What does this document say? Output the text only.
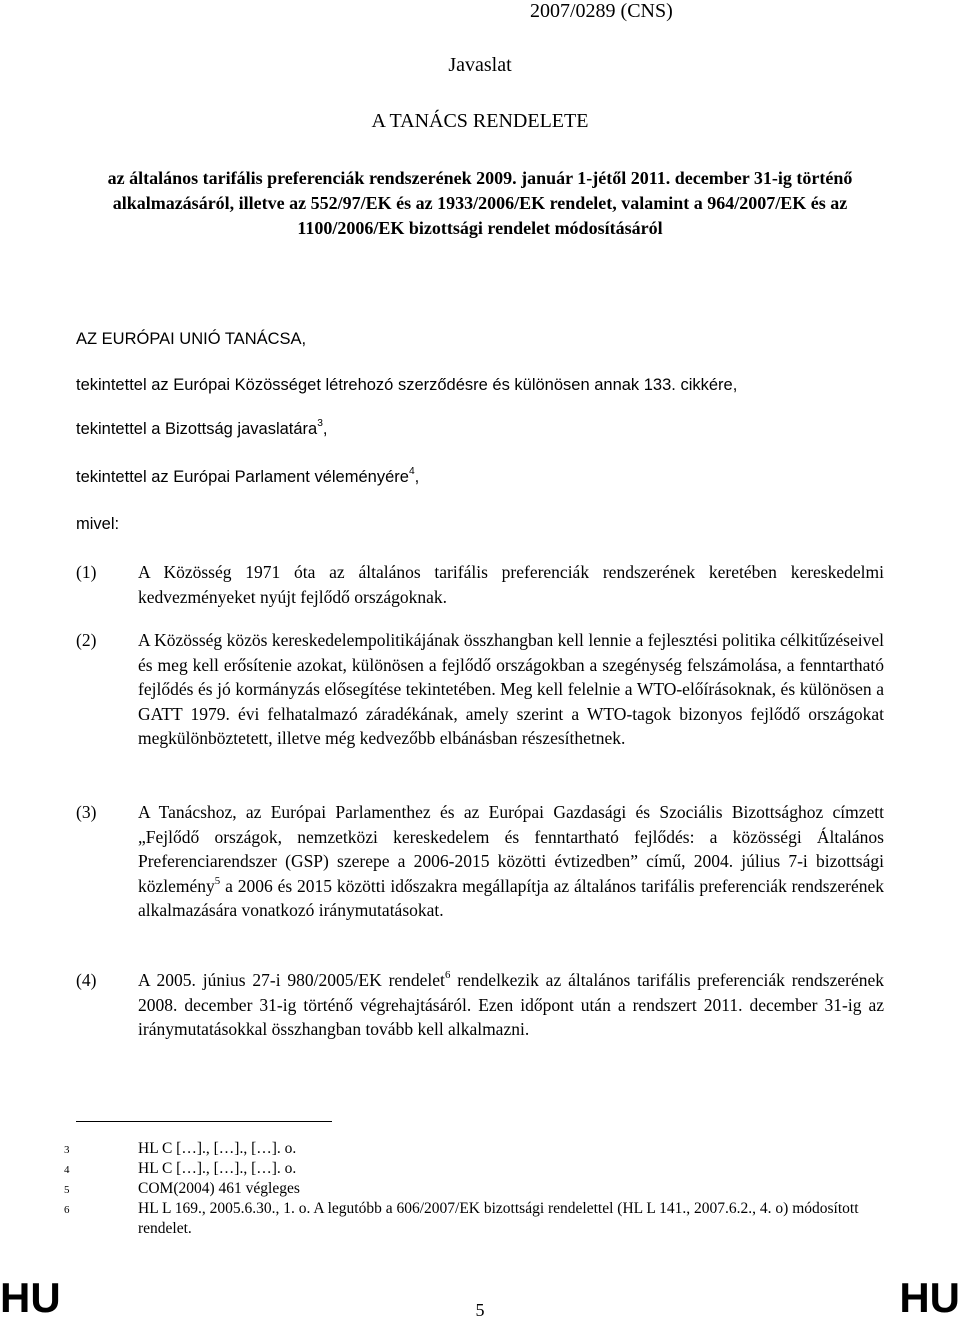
2007/0289 (CNS)
Javaslat
A TANÁCS RENDELETE
az általános tarifális preferenciák rendszerének 2009. január 1-jétől 2011. december 31-ig történő alkalmazásáról, illetve az 552/97/EK és az 1933/2006/EK rendelet, valamint a 964/2007/EK és az 1100/2006/EK bizottsági rendelet módosításáról
AZ EURÓPAI UNIÓ TANÁCSA,
tekintettel az Európai Közösséget létrehozó szerződésre és különösen annak 133. cikkére,
tekintettel a Bizottság javaslatára$^3$,
tekintettel az Európai Parlament véleményére$^4$,
mivel:
(1) A Közösség 1971 óta az általános tarifális preferenciák rendszerének keretében kereskedelmi kedvezményeket nyújt fejlődő országoknak.
(2) A Közösség közös kereskedelempolitikájának összhangban kell lennie a fejlesztési politika célkitűzéseivel és meg kell erősítenie azokat, különösen a fejlődő országokban a szegénység felszámolása, a fenntartható fejlődés és jó kormányzás elősegítése tekintetében. Meg kell felelnie a WTO-előírásoknak, és különösen a GATT 1979. évi felhatalmazó záradékának, amely szerint a WTO-tagok bizonyos fejlődő országokat megkülönböztetett, illetve még kedvezőbb elbánásban részesíthetnek.
(3) A Tanácshoz, az Európai Parlamenthez és az Európai Gazdasági és Szociális Bizottsághoz címzett „Fejlődő országok, nemzetközi kereskedelem és fenntartható fejlődés: a közösségi Általános Preferenciarendszer (GSP) szerepe a 2006-2015 közötti évtizedben” című, 2004. július 7-i bizottsági közlemény$^5$ a 2006 és 2015 közötti időszakra megállapítja az általános tarifális preferenciák rendszerének alkalmazására vonatkozó iránymutatásokat.
(4) A 2005. június 27-i 980/2005/EK rendelet$^6$ rendelkezik az általános tarifális preferenciák rendszerének 2008. december 31-ig történő végrehajtásáról. Ezen időpont után a rendszert 2011. december 31-ig az iránymutatásokkal összhangban tovább kell alkalmazni.
3	HL C […]., […]., […]. o.
4	HL C […]., […]., […]. o.
5	COM(2004) 461 végleges
6	HL L 169., 2005.6.30., 1. o. A legutóbb a 606/2007/EK bizottsági rendelettel (HL L 141., 2007.6.2., 4. o) módosított rendelet.
HU	5	HU
